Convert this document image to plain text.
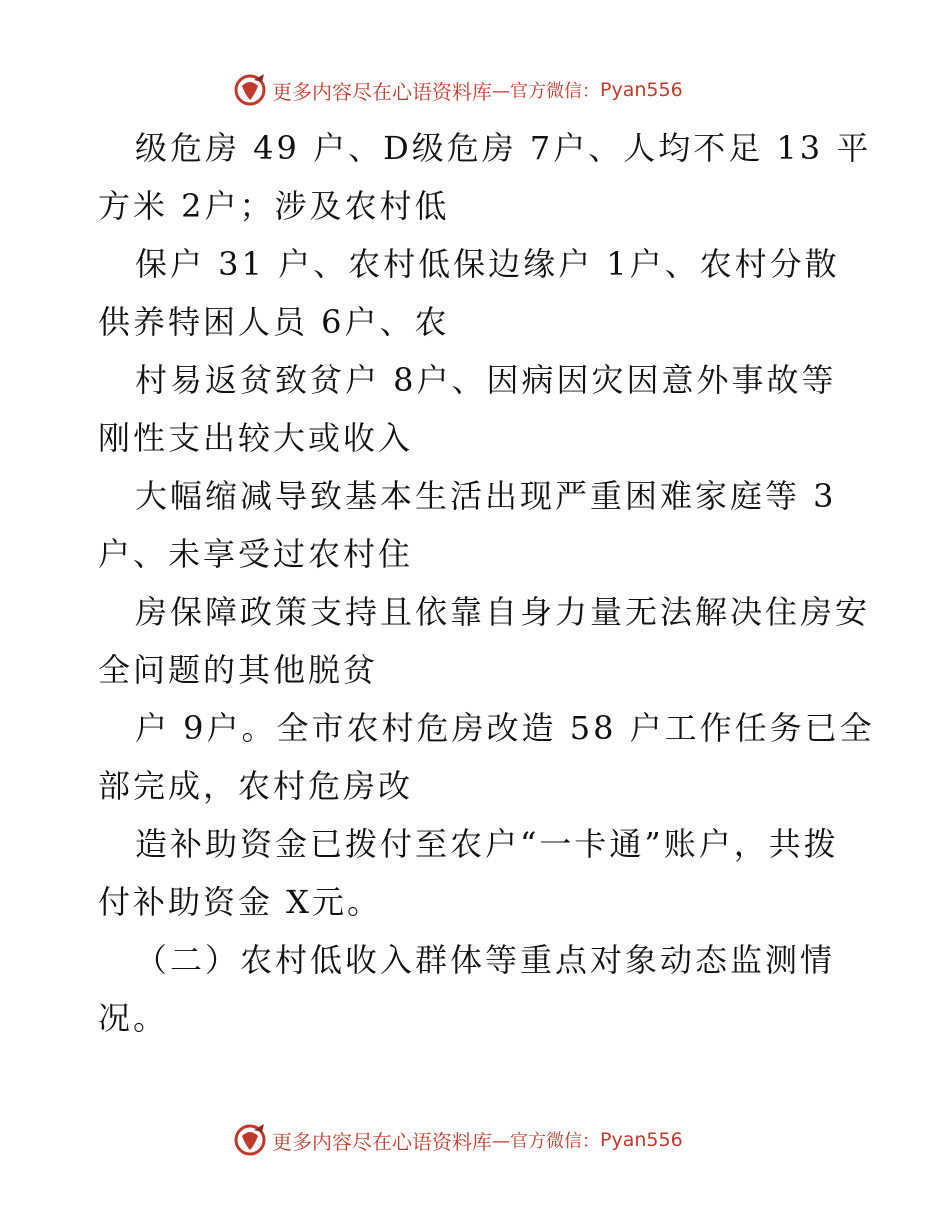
更多内容尽在心语资料库 —官方微信： Pyan556
级危房 49 户、D级危房 7户、人均不足 13 平
方米 2户；涉及农村低
保户 31 户、农村低保边缘户 1户、农村分散
供养特困人员 6户、农
村易返贫致贫户 8户、因病因灾因意外事故等
刚性支出较大或收入
大幅缩减导致基本生活出现严重困难家庭等 3
户、未享受过农村住
房保障政策支持且依靠自身力量无法解决住房安
全问题的其他脱贫
户 9户。全市农村危房改造 58 户工作任务已全
部完成，农村危房改
造补助资金已拨付至农户“一卡通”账户，共拨
付补助资金 X元。
（二）农村低收入群体等重点对象动态监测情
况。
更多内容尽在心语资料库 —官方微信： Pyan556
